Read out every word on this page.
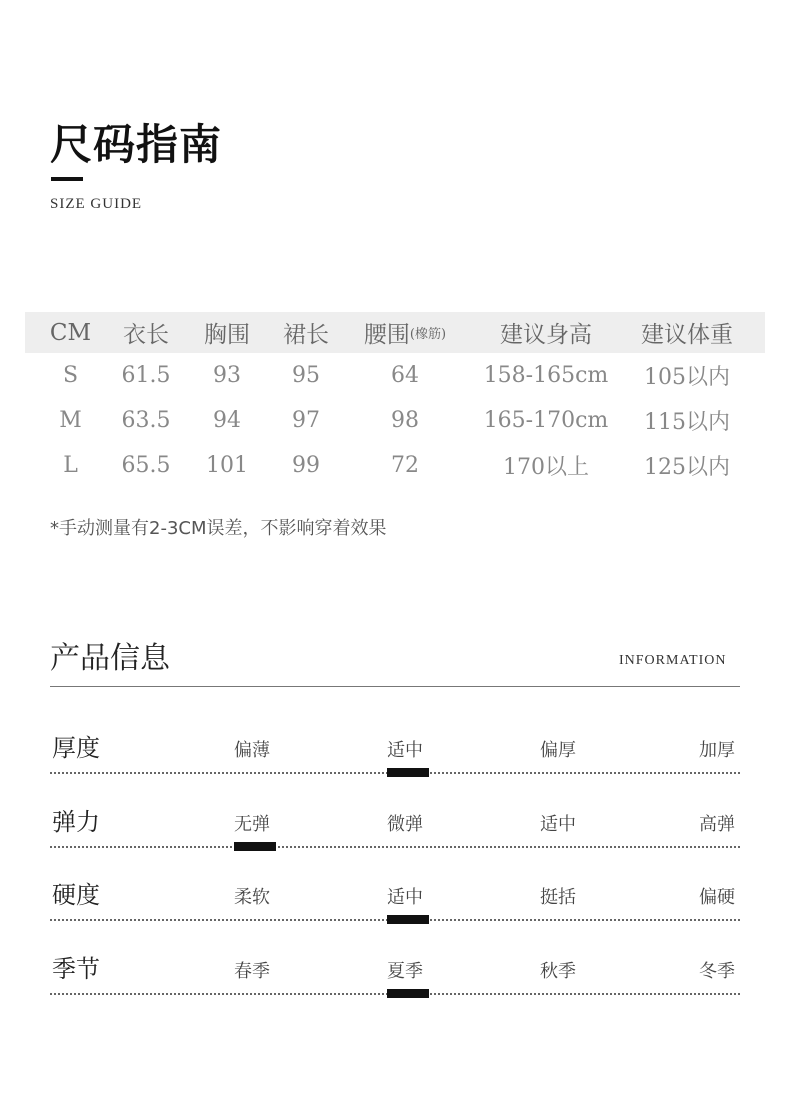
尺码指南
SIZE GUIDE
CM	衣长	胸围	裙长	腰围 (橡筋)	建议身高	建议体重
S	61.5	93	95	64	158-165cm	105以内
M	63.5	94	97	98	165-170cm	115以内
L	65.5	101	99	72	170以上	125以内
*手动测量有2-3CM误差，不影响穿着效果
产品信息	INFORMATION
厚度	偏薄	适中	偏厚	加厚
弹力	无弹	微弹	适中	高弹
硬度	柔软	适中	挺括	偏硬
季节	春季	夏季	秋季	冬季
